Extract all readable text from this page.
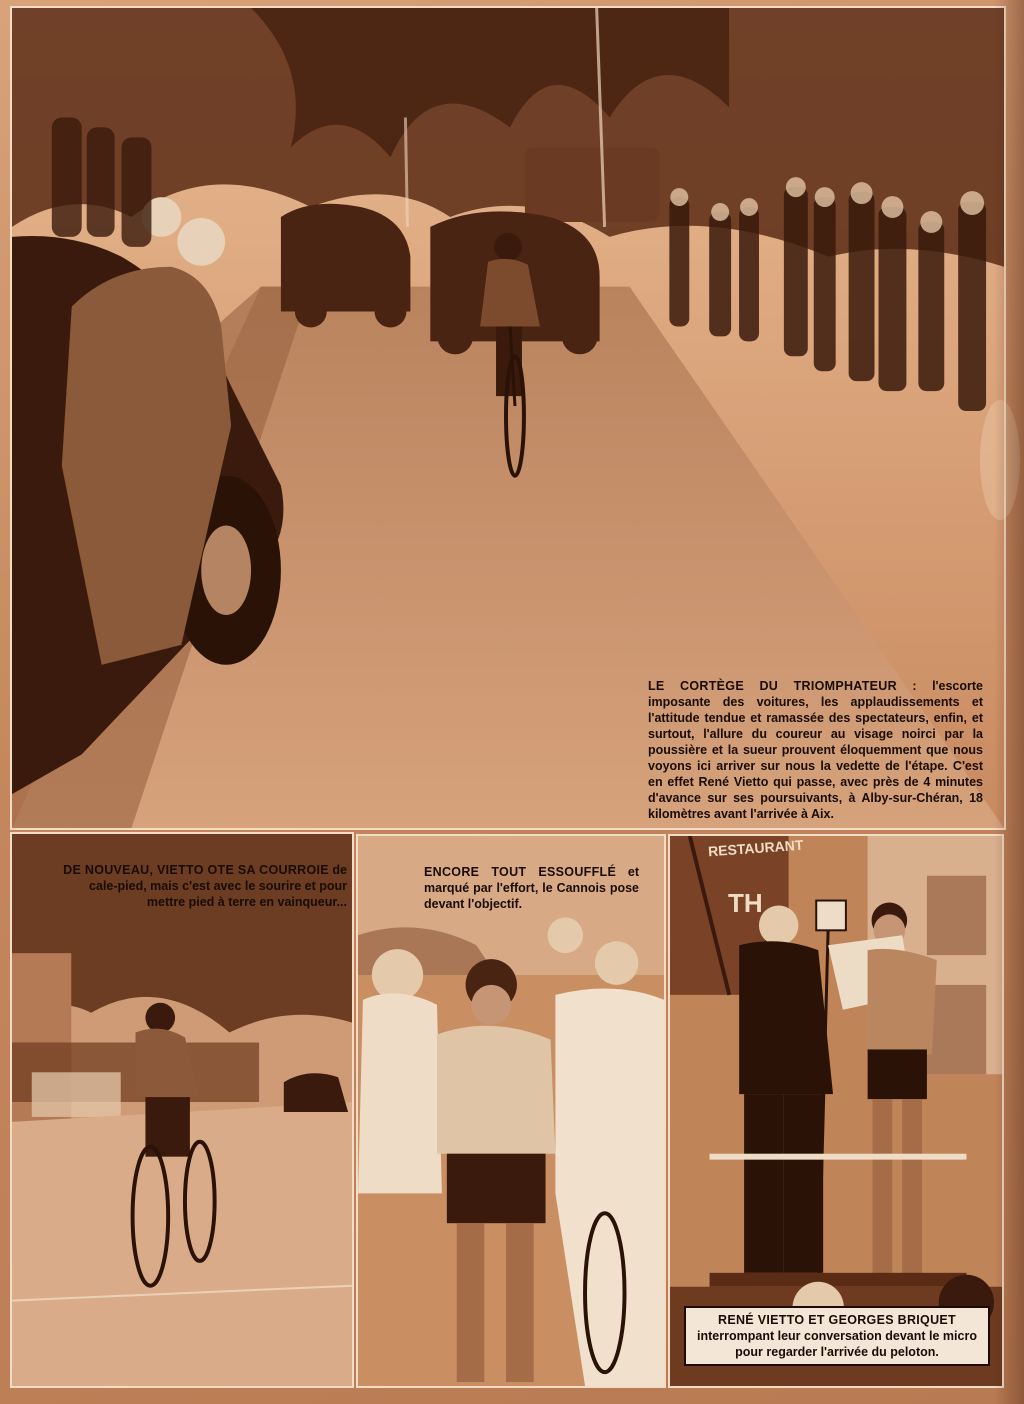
LE CORTÈGE DU TRIOMPHATEUR : l'escorte imposante des voitures, les applaudissements et l'attitude tendue et ramassée des spectateurs, enfin, et surtout, l'allure du coureur au visage noirci par la poussière et la sueur prouvent éloquemment que nous voyons ici arriver sur nous la vedette de l'étape. C'est en effet René Vietto qui passe, avec près de 4 minutes d'avance sur ses poursuivants, à Alby-sur-Chéran, 18 kilomètres avant l'arrivée à Aix.

DE NOUVEAU, VIETTO OTE SA COURROIE de cale-pied, mais c'est avec le sourire et pour mettre pied à terre en vainqueur...

ENCORE TOUT ESSOUFFLÉ et marqué par l'effort, le Cannois pose devant l'objectif.

RESTAURANT
TH

RENÉ VIETTO ET GEORGES BRIQUET interrompant leur conversation devant le micro pour regarder l'arrivée du peloton.
